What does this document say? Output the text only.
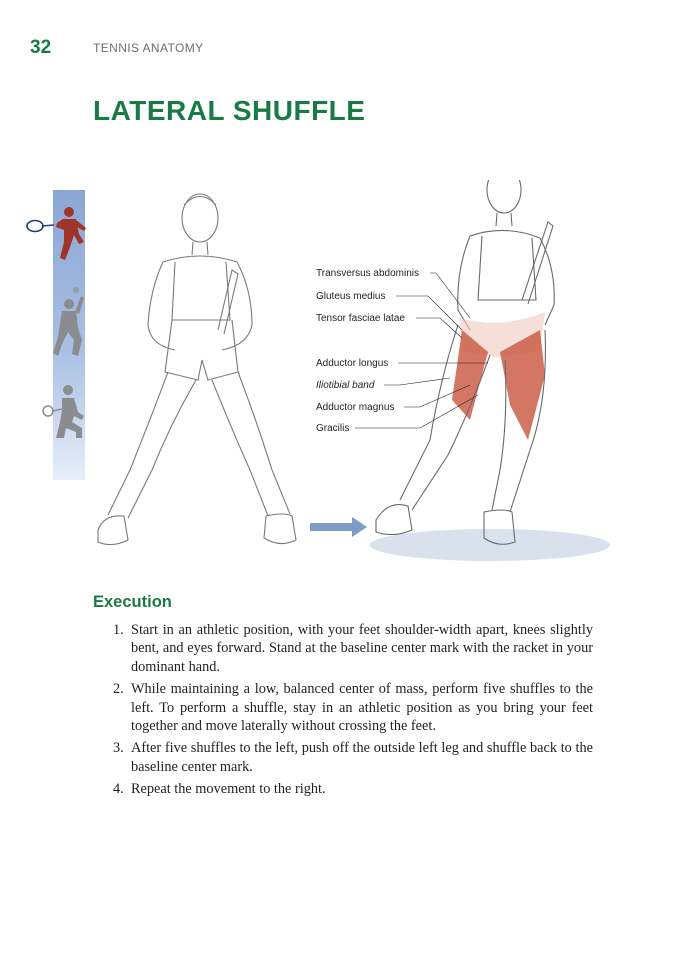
32	TENNIS ANATOMY
LATERAL SHUFFLE
Transversus abdominis
Gluteus medius
Tensor fasciae latae
Adductor longus
Iliotibial band
Adductor magnus
Gracilis
Execution
1. Start in an athletic position, with your feet shoulder-width apart, knees slightly bent, and eyes forward. Stand at the baseline center mark with the racket in your dominant hand.
2. While maintaining a low, balanced center of mass, perform five shuffles to the left. To perform a shuffle, stay in an athletic position as you bring your feet together and move laterally without crossing the feet.
3. After five shuffles to the left, push off the outside left leg and shuffle back to the baseline center mark.
4. Repeat the movement to the right.
